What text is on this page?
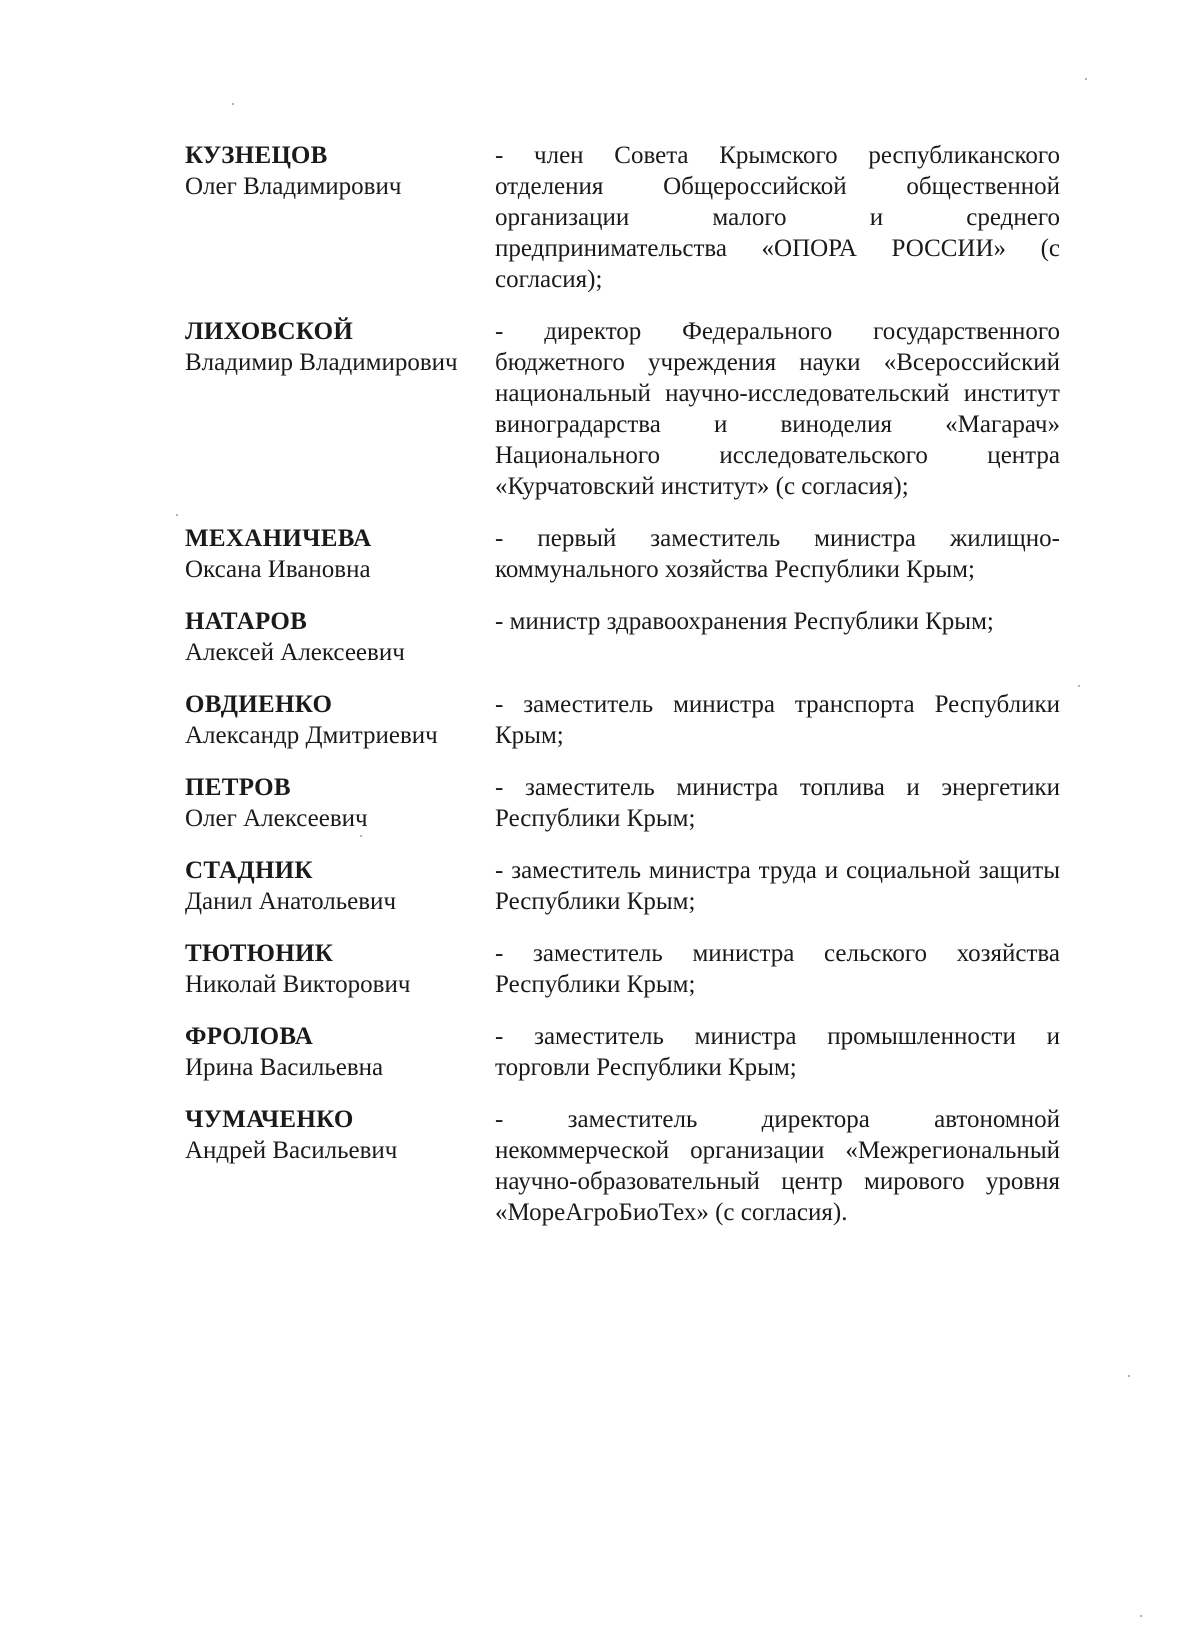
КУЗНЕЦОВ
Олег Владимирович
- член Совета Крымского республиканского отделения Общероссийской общественной организации малого и среднего предпринимательства «ОПОРА РОССИИ» (с согласия);
ЛИХОВСКОЙ
Владимир Владимирович
- директор Федерального государственного бюджетного учреждения науки «Всероссийский национальный научно-исследовательский институт виноградарства и виноделия «Магарач» Национального исследовательского центра «Курчатовский институт» (с согласия);
МЕХАНИЧЕВА
Оксана Ивановна
- первый заместитель министра жилищно-коммунального хозяйства Республики Крым;
НАТАРОВ
Алексей Алексеевич
- министр здравоохранения Республики Крым;
ОВДИЕНКО
Александр Дмитриевич
- заместитель министра транспорта Республики Крым;
ПЕТРОВ
Олег Алексеевич
- заместитель министра топлива и энергетики Республики Крым;
СТАДНИК
Данил Анатольевич
- заместитель министра труда и социальной защиты Республики Крым;
ТЮТЮНИК
Николай Викторович
- заместитель министра сельского хозяйства Республики Крым;
ФРОЛОВА
Ирина Васильевна
- заместитель министра промышленности и торговли Республики Крым;
ЧУМАЧЕНКО
Андрей Васильевич
- заместитель директора автономной некоммерческой организации «Межрегиональный научно-образовательный центр мирового уровня «МореАгроБиоТех» (с согласия).
